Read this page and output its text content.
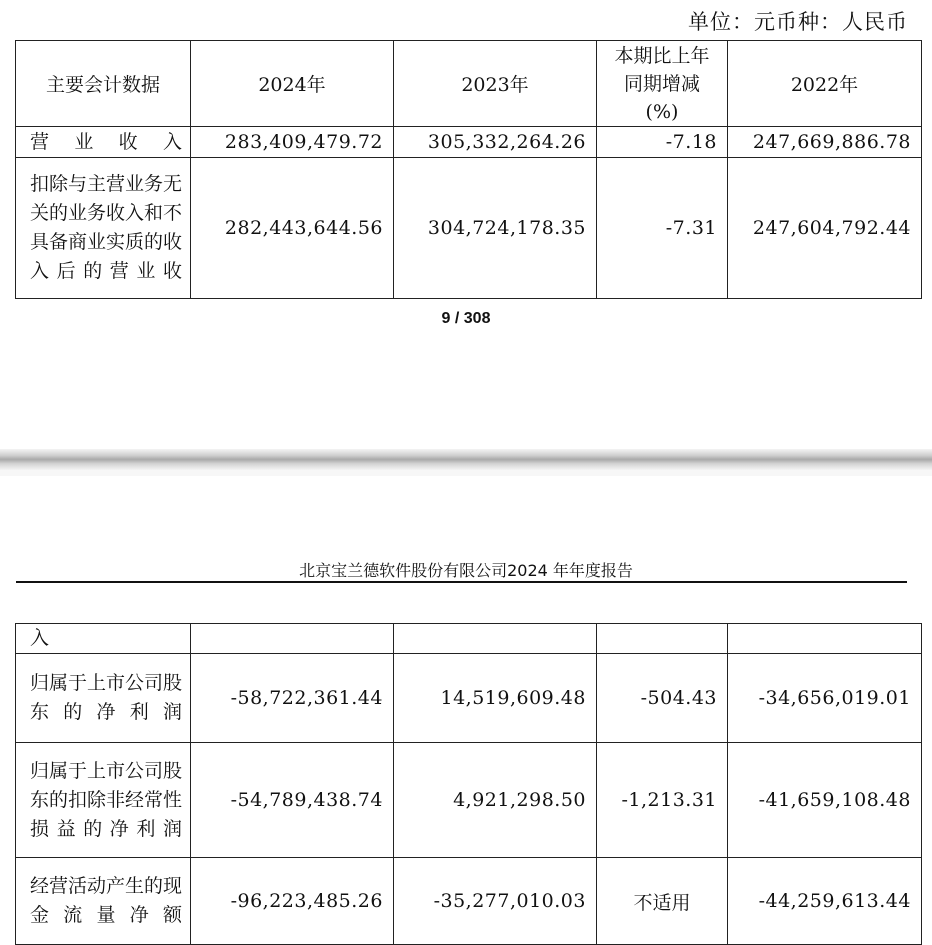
单位：元币种：人民币
主要会计数据	2024年	2023年	本期比上年同期增减(%)	2022年
营业收入	283,409,479.72	305,332,264.26	-7.18	247,669,886.78
扣除与主营业务无关的业务收入和不具备商业实质的收入后的营业收	282,443,644.56	304,724,178.35	-7.31	247,604,792.44
9 / 308
北京宝兰德软件股份有限公司2024 年年度报告
入				
归属于上市公司股东的净利润	-58,722,361.44	14,519,609.48	-504.43	-34,656,019.01
归属于上市公司股东的扣除非经常性损益的净利润	-54,789,438.74	4,921,298.50	-1,213.31	-41,659,108.48
经营活动产生的现金流量净额	-96,223,485.26	-35,277,010.03	不适用	-44,259,613.44
